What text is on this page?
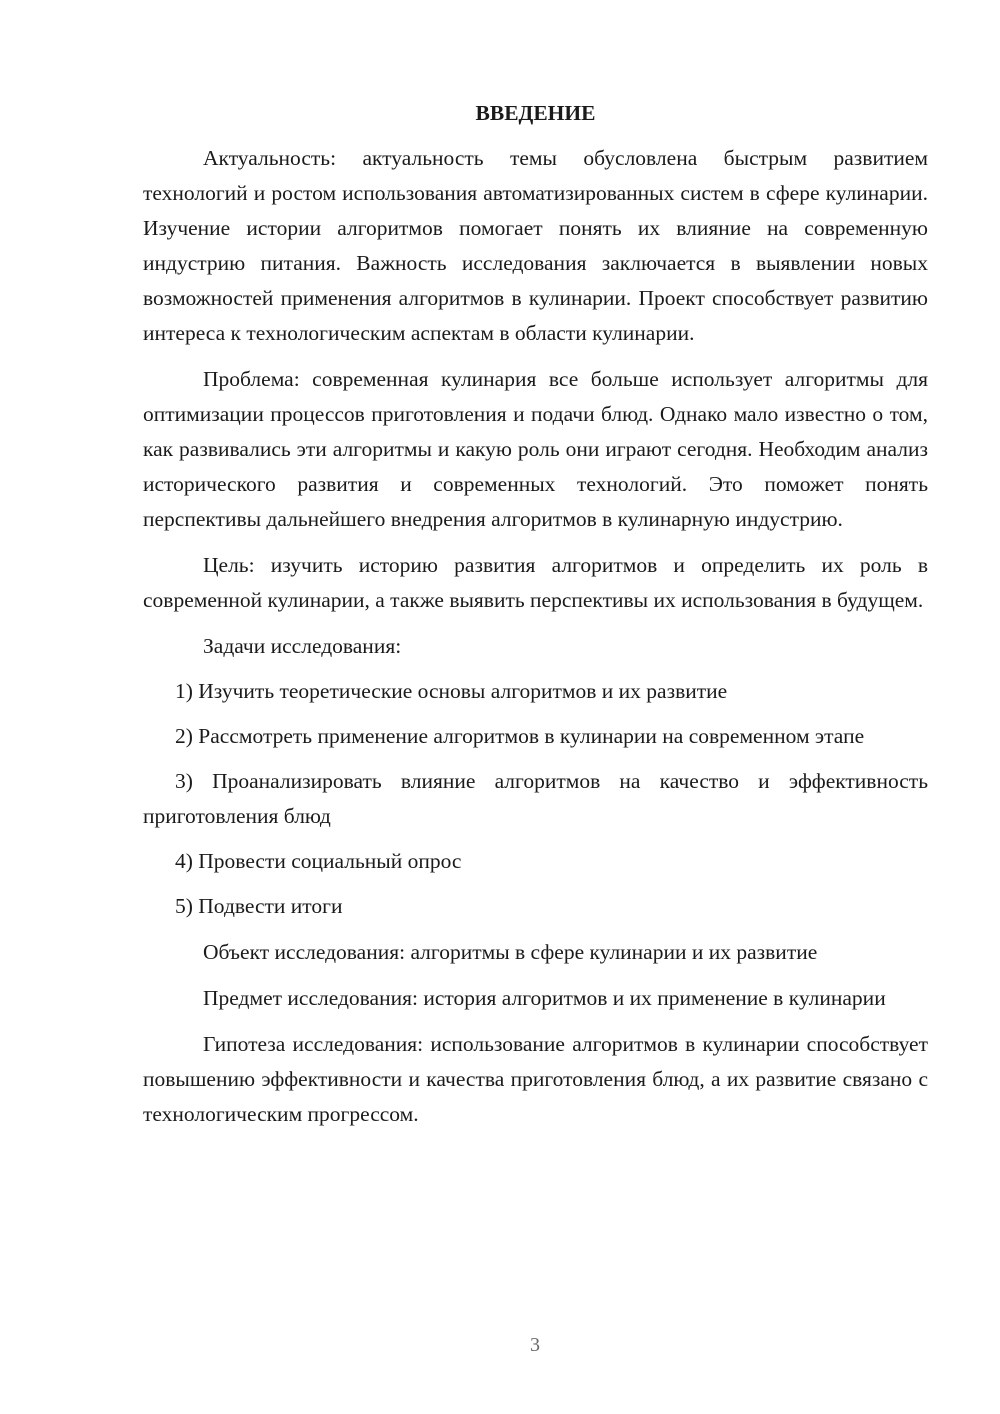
ВВЕДЕНИЕ

Актуальность: актуальность темы обусловлена быстрым развитием технологий и ростом использования автоматизированных систем в сфере кулинарии. Изучение истории алгоритмов помогает понять их влияние на современную индустрию питания. Важность исследования заключается в выявлении новых возможностей применения алгоритмов в кулинарии. Проект способствует развитию интереса к технологическим аспектам в области кулинарии.

Проблема: современная кулинария все больше использует алгоритмы для оптимизации процессов приготовления и подачи блюд. Однако мало известно о том, как развивались эти алгоритмы и какую роль они играют сегодня. Необходим анализ исторического развития и современных технологий. Это поможет понять перспективы дальнейшего внедрения алгоритмов в кулинарную индустрию.

Цель: изучить историю развития алгоритмов и определить их роль в современной кулинарии, а также выявить перспективы их использования в будущем.

Задачи исследования:

1) Изучить теоретические основы алгоритмов и их развитие

2) Рассмотреть применение алгоритмов в кулинарии на современном этапе

3) Проанализировать влияние алгоритмов на качество и эффективность приготовления блюд

4) Провести социальный опрос

5) Подвести итоги

Объект исследования: алгоритмы в сфере кулинарии и их развитие

Предмет исследования: история алгоритмов и их применение в кулинарии

Гипотеза исследования: использование алгоритмов в кулинарии способствует повышению эффективности и качества приготовления блюд, а их развитие связано с технологическим прогрессом.

3
